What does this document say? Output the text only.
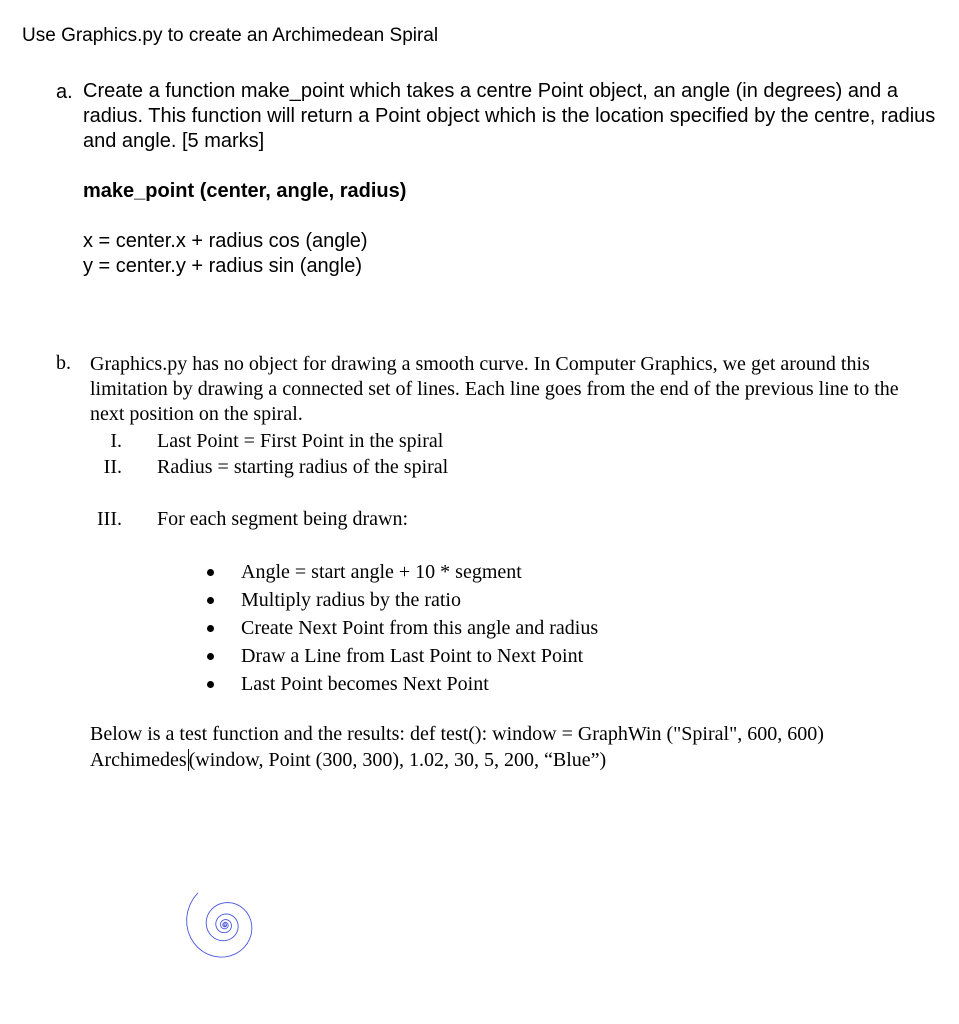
Use Graphics.py to create an Archimedean Spiral
a. Create a function make_point which takes a centre Point object, an angle (in degrees) and a radius. This function will return a Point object which is the location specified by the centre, radius and angle. [5 marks]
make_point (center, angle, radius)
x = center.x + radius cos (angle)
y = center.y + radius sin (angle)
b. Graphics.py has no object for drawing a smooth curve. In Computer Graphics, we get around this limitation by drawing a connected set of lines. Each line goes from the end of the previous line to the next position on the spiral.
I. Last Point = First Point in the spiral
II. Radius = starting radius of the spiral
III. For each segment being drawn:
Angle = start angle + 10 * segment
Multiply radius by the ratio
Create Next Point from this angle and radius
Draw a Line from Last Point to Next Point
Last Point becomes Next Point
Below is a test function and the results: def test(): window = GraphWin ("Spiral", 600, 600) Archimedes (window, Point (300, 300), 1.02, 30, 5, 200, “Blue”)
